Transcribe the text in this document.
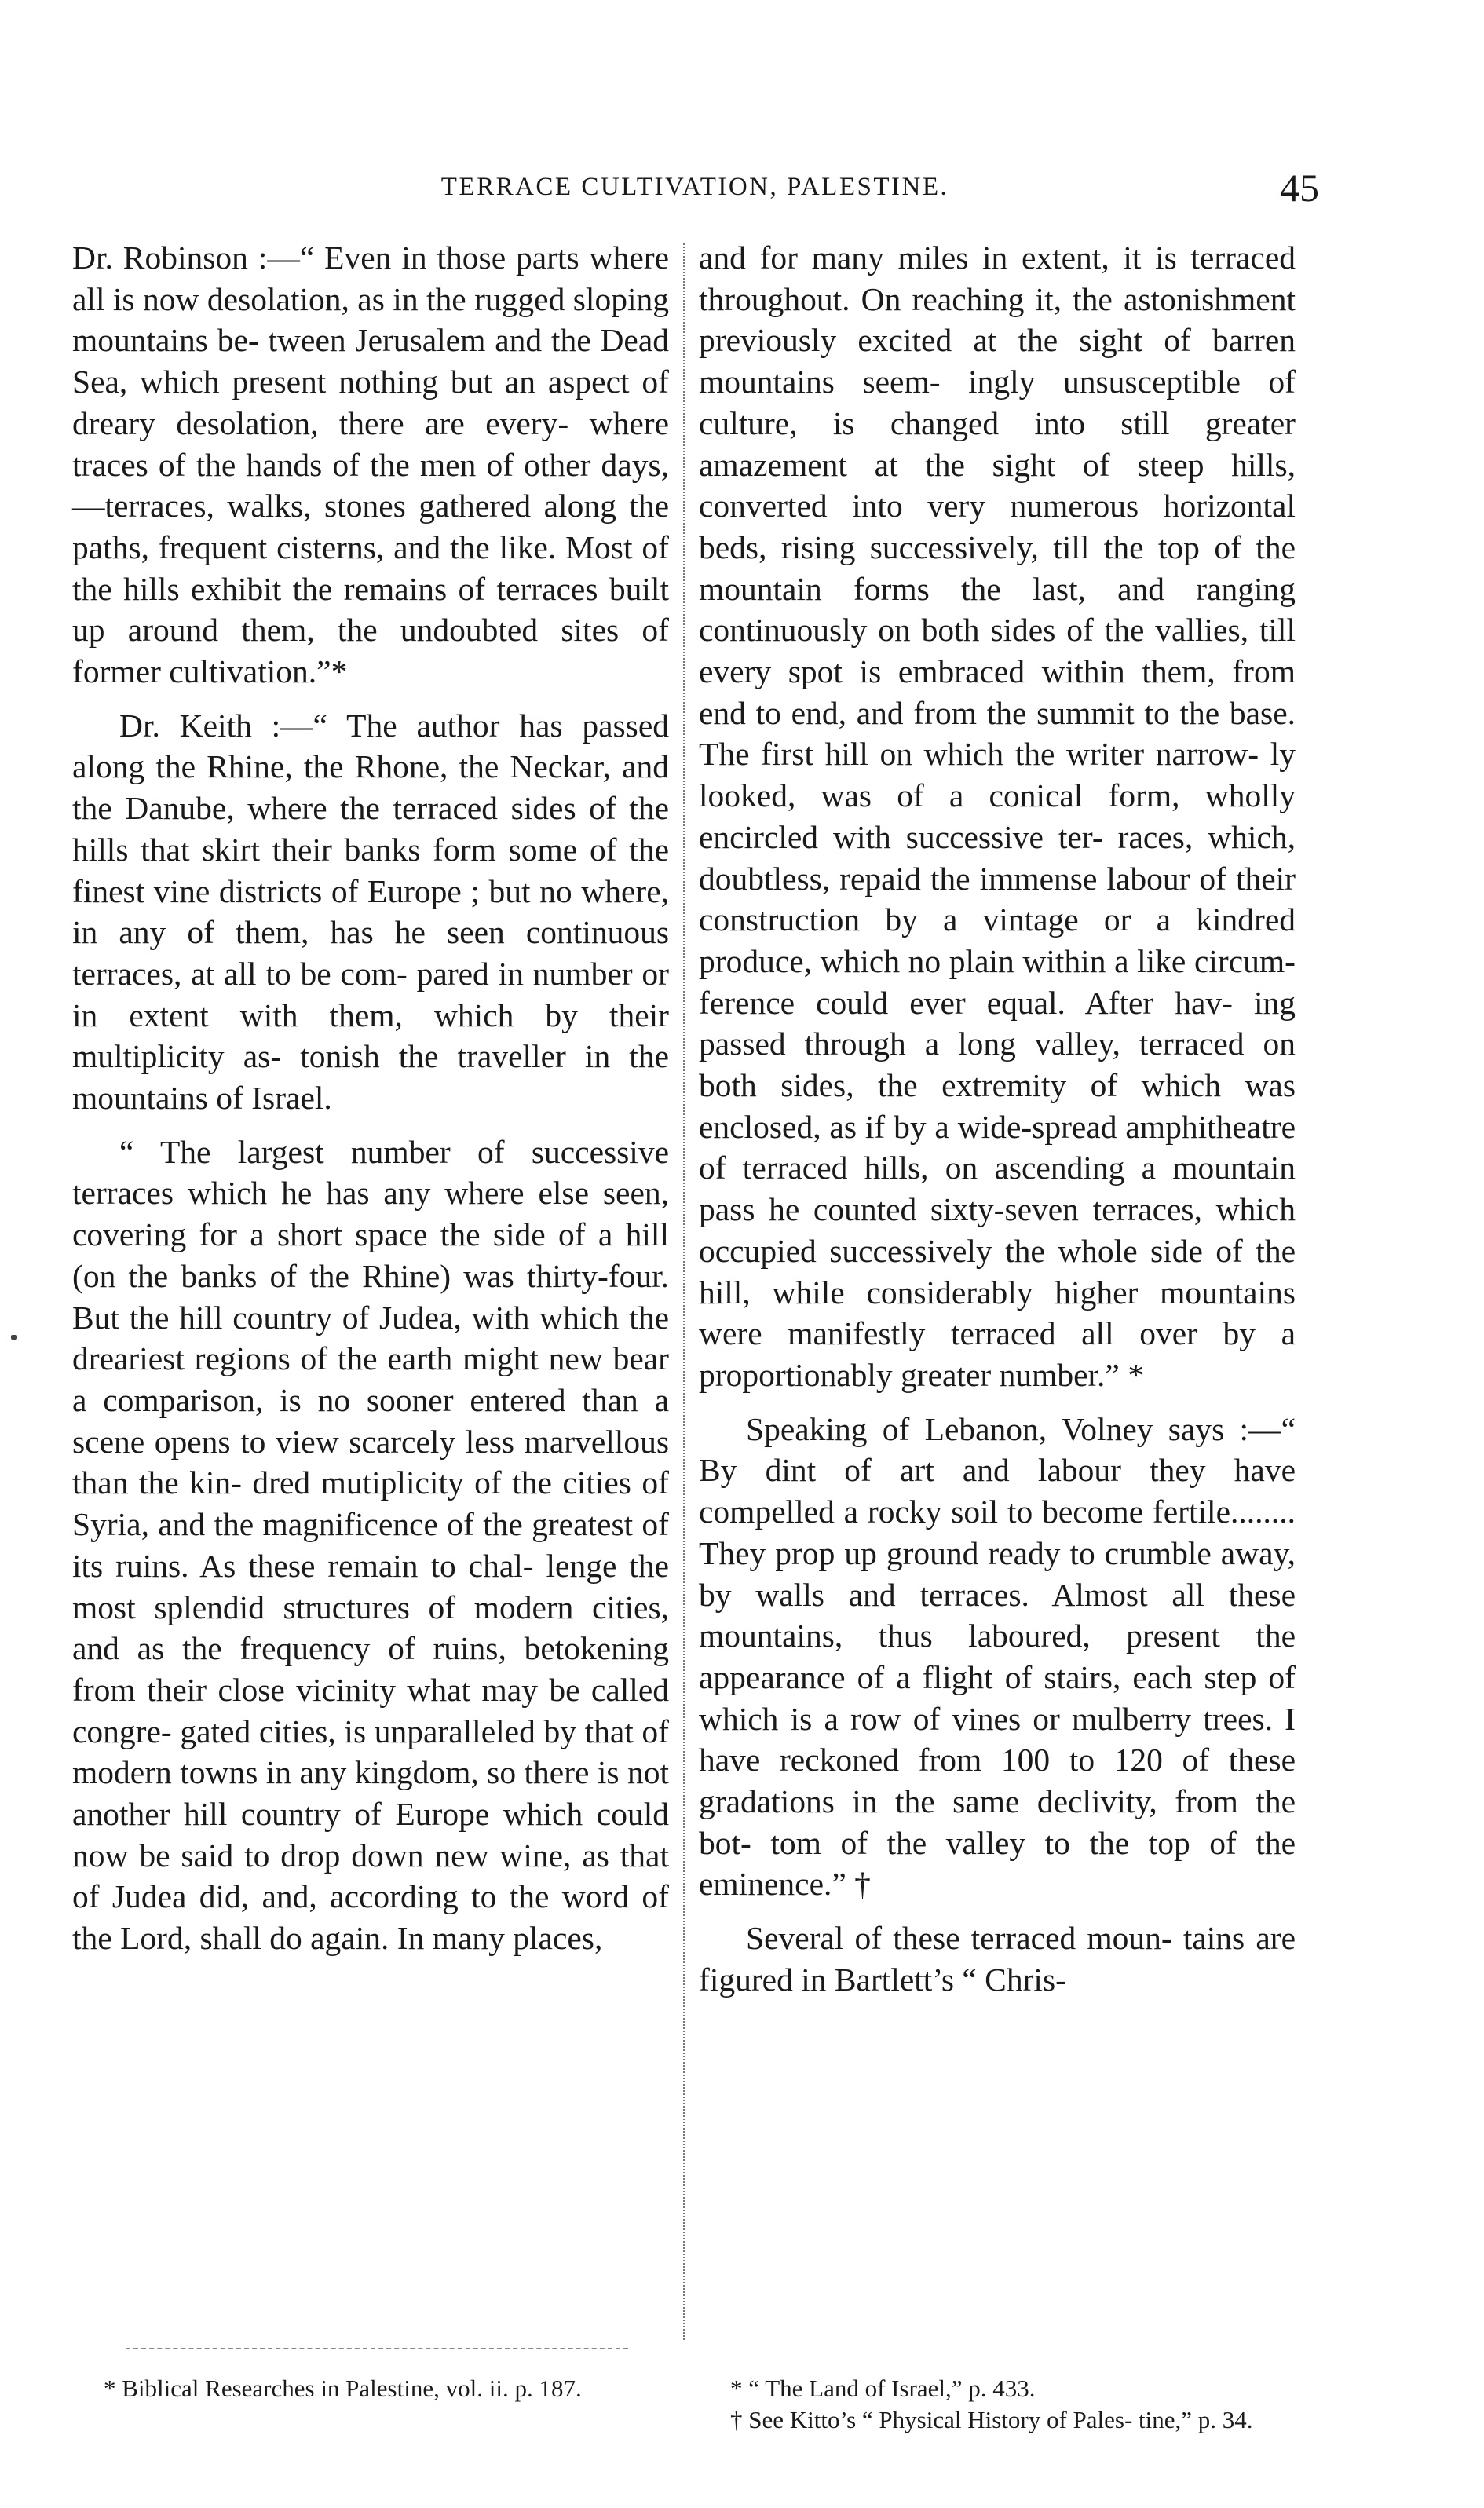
TERRACE CULTIVATION, PALESTINE.	45

Dr. Robinson :—“ Even in those parts where all is now desolation, as in the rugged sloping mountains be- tween Jerusalem and the Dead Sea, which present nothing but an aspect of dreary desolation, there are every- where traces of the hands of the men of other days,—terraces, walks, stones gathered along the paths, frequent cisterns, and the like. Most of the hills exhibit the remains of terraces built up around them, the undoubted sites of former cultivation.”*

Dr. Keith :—“ The author has passed along the Rhine, the Rhone, the Neckar, and the Danube, where the terraced sides of the hills that skirt their banks form some of the finest vine districts of Europe ; but no where, in any of them, has he seen continuous terraces, at all to be com- pared in number or in extent with them, which by their multiplicity as- tonish the traveller in the mountains of Israel.

“ The largest number of successive terraces which he has any where else seen, covering for a short space the side of a hill (on the banks of the Rhine) was thirty-four. But the hill country of Judea, with which the dreariest regions of the earth might new bear a comparison, is no sooner entered than a scene opens to view scarcely less marvellous than the kin- dred mutiplicity of the cities of Syria, and the magnificence of the greatest of its ruins. As these remain to chal- lenge the most splendid structures of modern cities, and as the frequency of ruins, betokening from their close vicinity what may be called congre- gated cities, is unparalleled by that of modern towns in any kingdom, so there is not another hill country of Europe which could now be said to drop down new wine, as that of Judea did, and, according to the word of the Lord, shall do again. In many places,

and for many miles in extent, it is terraced throughout. On reaching it, the astonishment previously excited at the sight of barren mountains seem- ingly unsusceptible of culture, is changed into still greater amazement at the sight of steep hills, converted into very numerous horizontal beds, rising successively, till the top of the mountain forms the last, and ranging continuously on both sides of the vallies, till every spot is embraced within them, from end to end, and from the summit to the base. The first hill on which the writer narrow- ly looked, was of a conical form, wholly encircled with successive ter- races, which, doubtless, repaid the immense labour of their construction by a vintage or a kindred produce, which no plain within a like circum- ference could ever equal. After hav- ing passed through a long valley, terraced on both sides, the extremity of which was enclosed, as if by a wide-spread amphitheatre of terraced hills, on ascending a mountain pass he counted sixty-seven terraces, which occupied successively the whole side of the hill, while considerably higher mountains were manifestly terraced all over by a proportionably greater number.” *

Speaking of Lebanon, Volney says :—“ By dint of art and labour they have compelled a rocky soil to become fertile........ They prop up ground ready to crumble away, by walls and terraces. Almost all these mountains, thus laboured, present the appearance of a flight of stairs, each step of which is a row of vines or mulberry trees. I have reckoned from 100 to 120 of these gradations in the same declivity, from the bot- tom of the valley to the top of the eminence.” †

Several of these terraced moun- tains are figured in Bartlett’s “ Chris-

* Biblical Researches in Palestine, vol. ii. p. 187.	* “ The Land of Israel,” p. 433.

† See Kitto’s “ Physical History of Pales- tine,” p. 34.
